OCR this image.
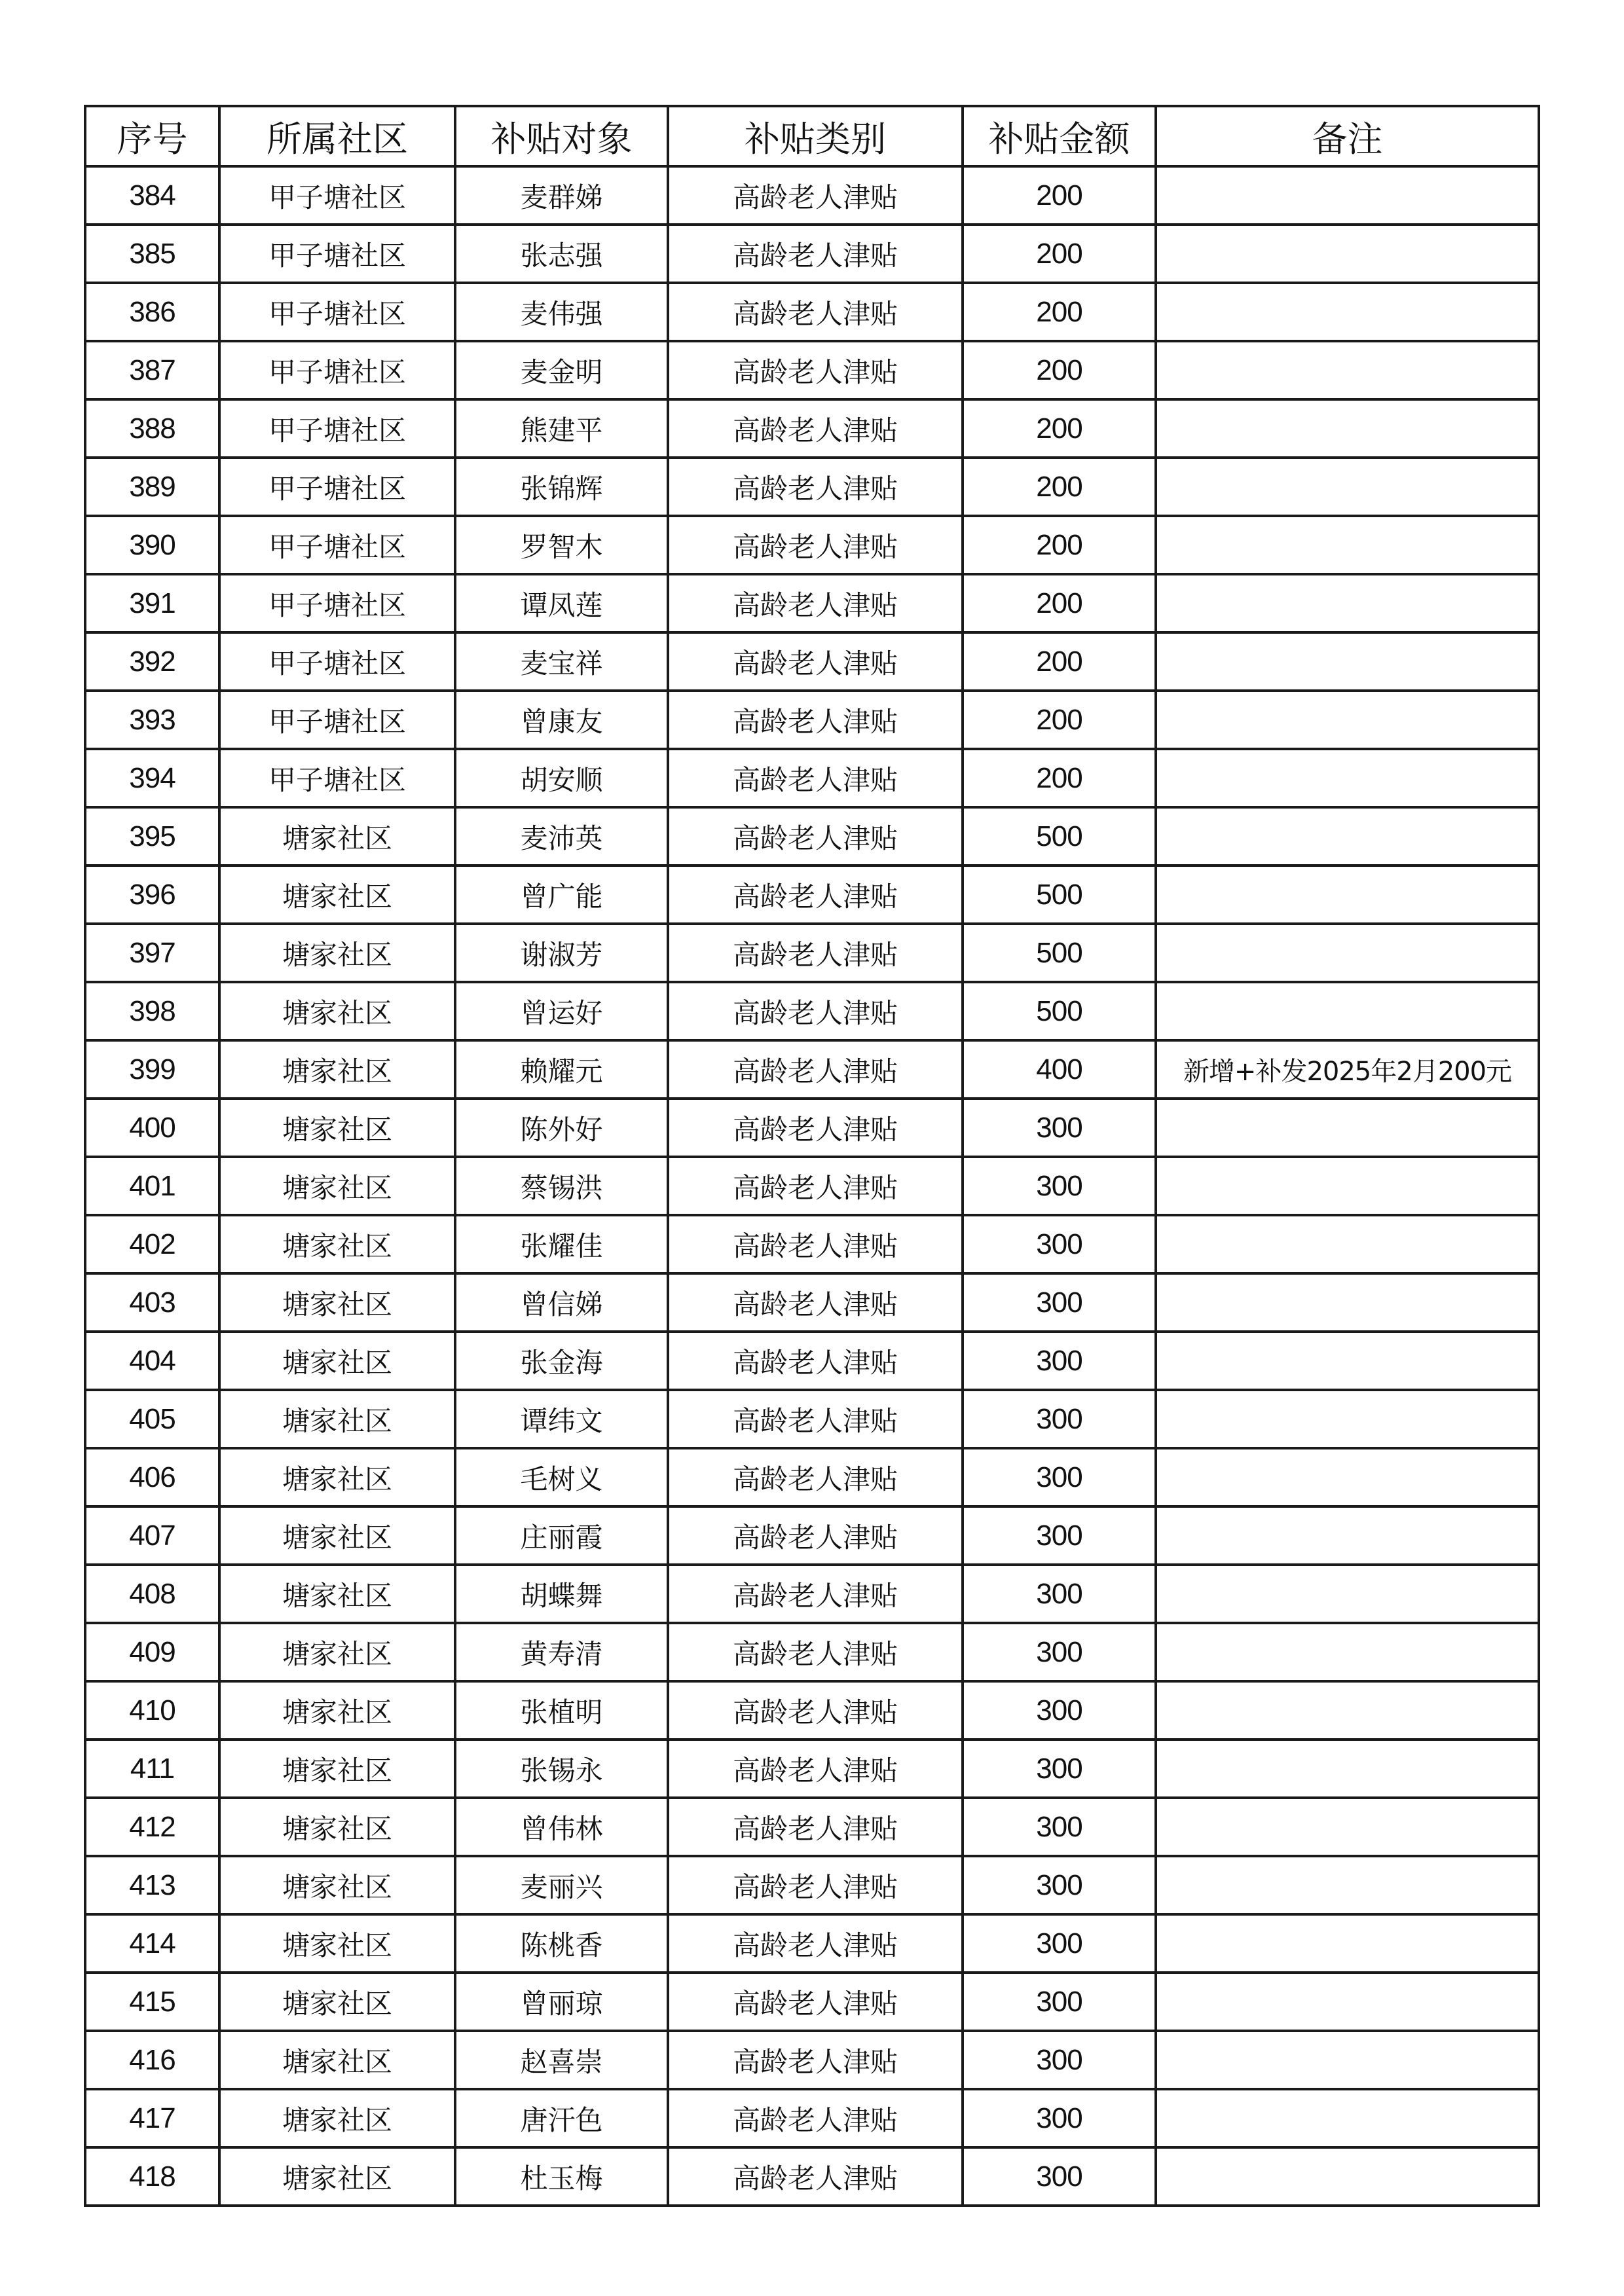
序号	所属社区	补贴对象	补贴类别	补贴金额	备注
384	甲子塘社区	麦群娣	高龄老人津贴	200	
385	甲子塘社区	张志强	高龄老人津贴	200	
386	甲子塘社区	麦伟强	高龄老人津贴	200	
387	甲子塘社区	麦金明	高龄老人津贴	200	
388	甲子塘社区	熊建平	高龄老人津贴	200	
389	甲子塘社区	张锦辉	高龄老人津贴	200	
390	甲子塘社区	罗智木	高龄老人津贴	200	
391	甲子塘社区	谭凤莲	高龄老人津贴	200	
392	甲子塘社区	麦宝祥	高龄老人津贴	200	
393	甲子塘社区	曾康友	高龄老人津贴	200	
394	甲子塘社区	胡安顺	高龄老人津贴	200	
395	塘家社区	麦沛英	高龄老人津贴	500	
396	塘家社区	曾广能	高龄老人津贴	500	
397	塘家社区	谢淑芳	高龄老人津贴	500	
398	塘家社区	曾运好	高龄老人津贴	500	
399	塘家社区	赖耀元	高龄老人津贴	400	新增+补发2025年2月200元
400	塘家社区	陈外好	高龄老人津贴	300	
401	塘家社区	蔡锡洪	高龄老人津贴	300	
402	塘家社区	张耀佳	高龄老人津贴	300	
403	塘家社区	曾信娣	高龄老人津贴	300	
404	塘家社区	张金海	高龄老人津贴	300	
405	塘家社区	谭纬文	高龄老人津贴	300	
406	塘家社区	毛树义	高龄老人津贴	300	
407	塘家社区	庄丽霞	高龄老人津贴	300	
408	塘家社区	胡蝶舞	高龄老人津贴	300	
409	塘家社区	黄寿清	高龄老人津贴	300	
410	塘家社区	张植明	高龄老人津贴	300	
411	塘家社区	张锡永	高龄老人津贴	300	
412	塘家社区	曾伟林	高龄老人津贴	300	
413	塘家社区	麦丽兴	高龄老人津贴	300	
414	塘家社区	陈桃香	高龄老人津贴	300	
415	塘家社区	曾丽琼	高龄老人津贴	300	
416	塘家社区	赵喜崇	高龄老人津贴	300	
417	塘家社区	唐汗色	高龄老人津贴	300	
418	塘家社区	杜玉梅	高龄老人津贴	300	
